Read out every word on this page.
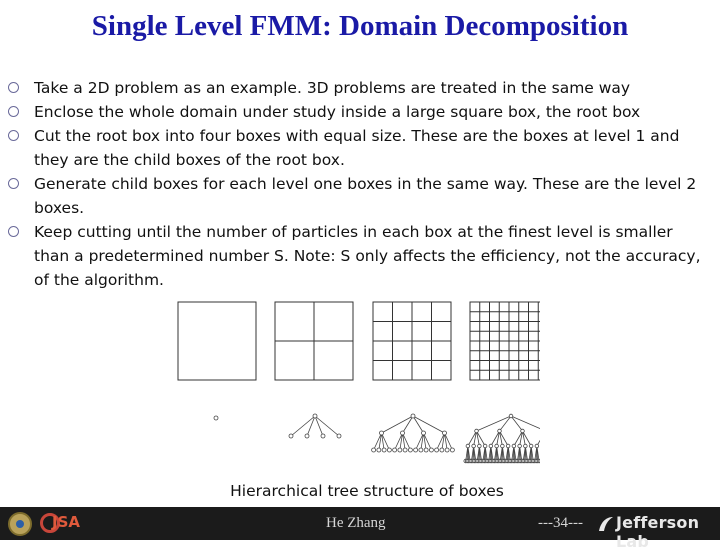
Single Level FMM: Domain Decomposition
Take a 2D problem as an example. 3D problems are treated in the same way
Enclose the whole domain under study inside a large square box, the root box
Cut the root box into four boxes with equal size. These are the boxes at level 1 and they are the child boxes of the root box.
Generate child boxes for each level one boxes in the same way. These are the level 2 boxes.
Keep cutting until the number of particles in each box at the finest level is smaller than a predetermined number S. Note: S only affects the efficiency, not the accuracy, of the algorithm.
Hierarchical tree structure of boxes
JSA	He Zhang	---34--- Jefferson Lab
